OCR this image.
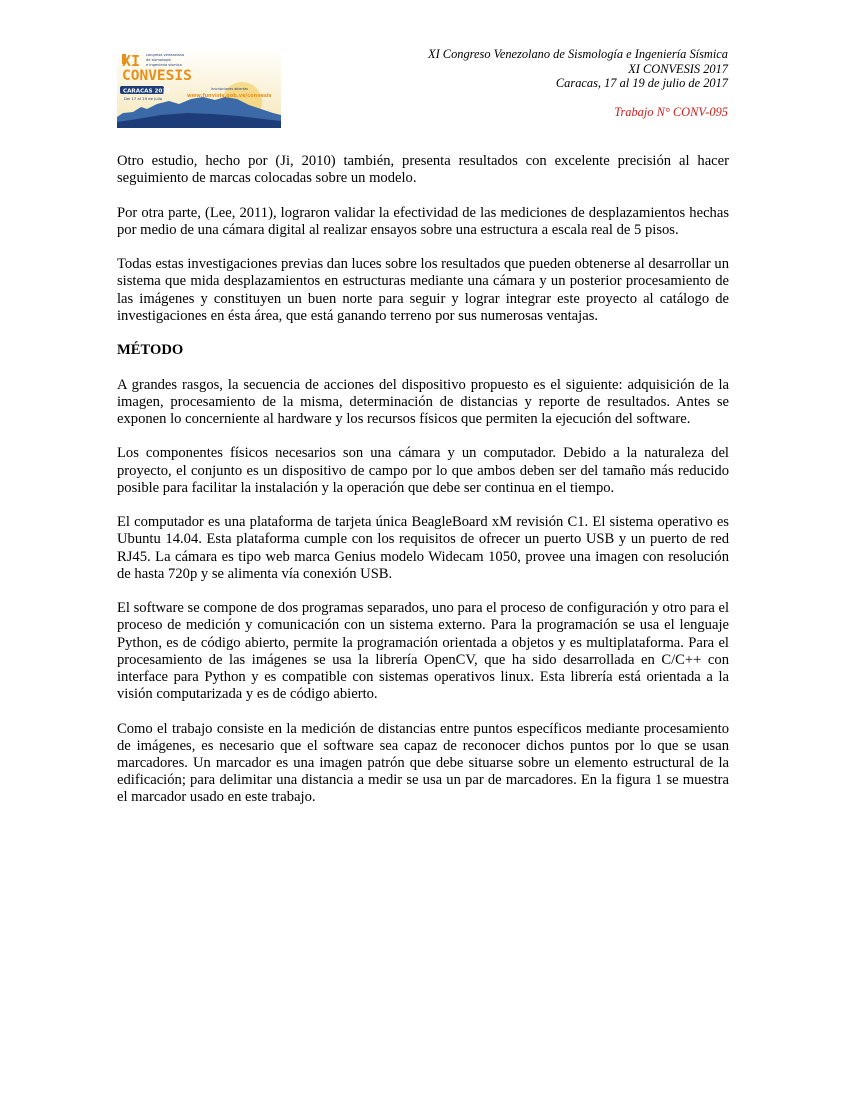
XI
CONVESIS
congreso venezolano
de sismología
e ingeniería sísmica
CARACAS 2017
Del 17 al 19 de julio
Inscripciones abiertas
www.funvisis.gob.ve/convesis
XI Congreso Venezolano de Sismología e Ingeniería Sísmica
XI CONVESIS 2017
Caracas, 17 al 19 de julio de 2017
Trabajo N° CONV-095

Otro estudio, hecho por (Ji, 2010) también, presenta resultados con excelente precisión al hacer seguimiento de marcas colocadas sobre un modelo.

Por otra parte, (Lee, 2011), lograron validar la efectividad de las mediciones de desplazamientos hechas por medio de una cámara digital al realizar ensayos sobre una estructura a escala real de 5 pisos.

Todas estas investigaciones previas dan luces sobre los resultados que pueden obtenerse al desarrollar un sistema que mida desplazamientos en estructuras mediante una cámara y un posterior procesamiento de las imágenes y constituyen un buen norte para seguir y lograr integrar este proyecto al catálogo de investigaciones en ésta área, que está ganando terreno por sus numerosas ventajas.

MÉTODO

A grandes rasgos, la secuencia de acciones del dispositivo propuesto es el siguiente: adquisición de la imagen, procesamiento de la misma, determinación de distancias y reporte de resultados. Antes se exponen lo concerniente al hardware y los recursos físicos que permiten la ejecución del software.

Los componentes físicos necesarios son una cámara y un computador. Debido a la naturaleza del proyecto, el conjunto es un dispositivo de campo por lo que ambos deben ser del tamaño más reducido posible para facilitar la instalación y la operación que debe ser continua en el tiempo.

El computador es una plataforma de tarjeta única BeagleBoard xM revisión C1. El sistema operativo es Ubuntu 14.04. Esta plataforma cumple con los requisitos de ofrecer un puerto USB y un puerto de red RJ45. La cámara es tipo web marca Genius modelo Widecam 1050, provee una imagen con resolución de hasta 720p y se alimenta vía conexión USB.

El software se compone de dos programas separados, uno para el proceso de configuración y otro para el proceso de medición y comunicación con un sistema externo. Para la programación se usa el lenguaje Python, es de código abierto, permite la programación orientada a objetos y es multiplataforma. Para el procesamiento de las imágenes se usa la librería OpenCV, que ha sido desarrollada en C/C++ con interface para Python y es compatible con sistemas operativos linux. Esta librería está orientada a la visión computarizada y es de código abierto.

Como el trabajo consiste en la medición de distancias entre puntos específicos mediante procesamiento de imágenes, es necesario que el software sea capaz de reconocer dichos puntos por lo que se usan marcadores. Un marcador es una imagen patrón que debe situarse sobre un elemento estructural de la edificación; para delimitar una distancia a medir se usa un par de marcadores. En la figura 1 se muestra el marcador usado en este trabajo.
